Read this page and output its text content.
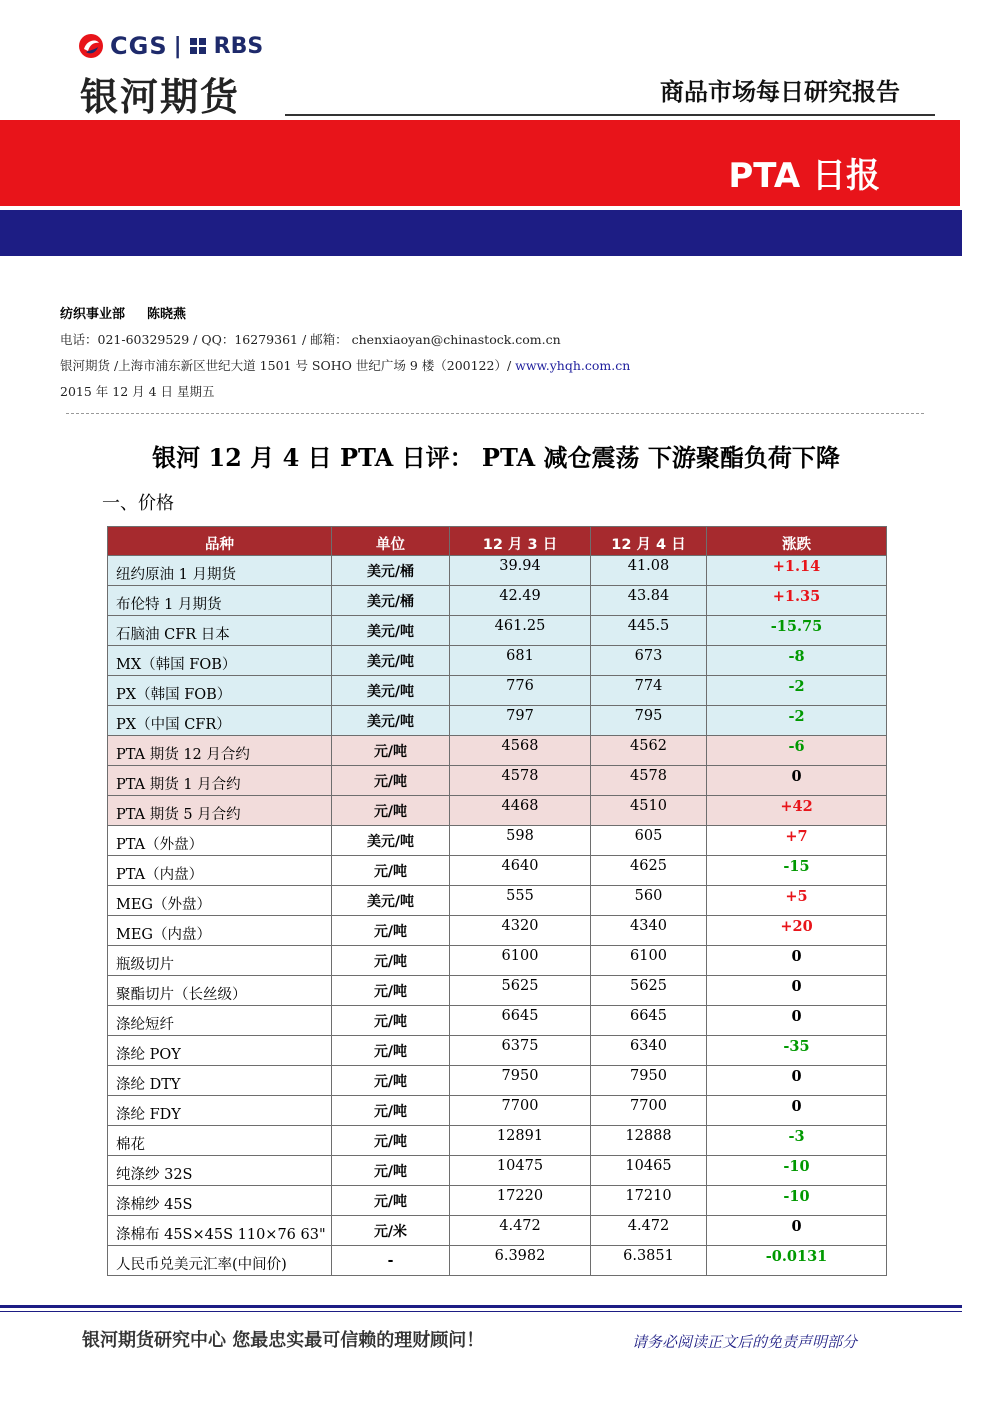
CGS | RBS
银河期货	商品市场每日研究报告
PTA 日报
纺织事业部 陈晓燕
电话：021-60329529 / QQ：16279361 / 邮箱： chenxiaoyan@chinastock.com.cn
银河期货 /上海市浦东新区世纪大道 1501 号 SOHO 世纪广场 9 楼（200122）/ www.yhqh.com.cn
2015 年 12 月 4 日 星期五
银河 12 月 4 日 PTA 日评： PTA 减仓震荡 下游聚酯负荷下降
一、价格
品种	单位	12 月 3 日	12 月 4 日	涨跌
纽约原油 1 月期货	美元/桶	39.94	41.08	+1.14
布伦特 1 月期货	美元/桶	42.49	43.84	+1.35
石脑油 CFR 日本	美元/吨	461.25	445.5	-15.75
MX（韩国 FOB）	美元/吨	681	673	-8
PX（韩国 FOB）	美元/吨	776	774	-2
PX（中国 CFR）	美元/吨	797	795	-2
PTA 期货 12 月合约	元/吨	4568	4562	-6
PTA 期货 1 月合约	元/吨	4578	4578	0
PTA 期货 5 月合约	元/吨	4468	4510	+42
PTA（外盘）	美元/吨	598	605	+7
PTA（内盘）	元/吨	4640	4625	-15
MEG（外盘）	美元/吨	555	560	+5
MEG（内盘）	元/吨	4320	4340	+20
瓶级切片	元/吨	6100	6100	0
聚酯切片（长丝级）	元/吨	5625	5625	0
涤纶短纤	元/吨	6645	6645	0
涤纶 POY	元/吨	6375	6340	-35
涤纶 DTY	元/吨	7950	7950	0
涤纶 FDY	元/吨	7700	7700	0
棉花	元/吨	12891	12888	-3
纯涤纱 32S	元/吨	10475	10465	-10
涤棉纱 45S	元/吨	17220	17210	-10
涤棉布 45S×45S 110×76 63"	元/米	4.472	4.472	0
人民币兑美元汇率(中间价)	-	6.3982	6.3851	-0.0131
银河期货研究中心 您最忠实最可信赖的理财顾问！	请务必阅读正文后的免责声明部分
